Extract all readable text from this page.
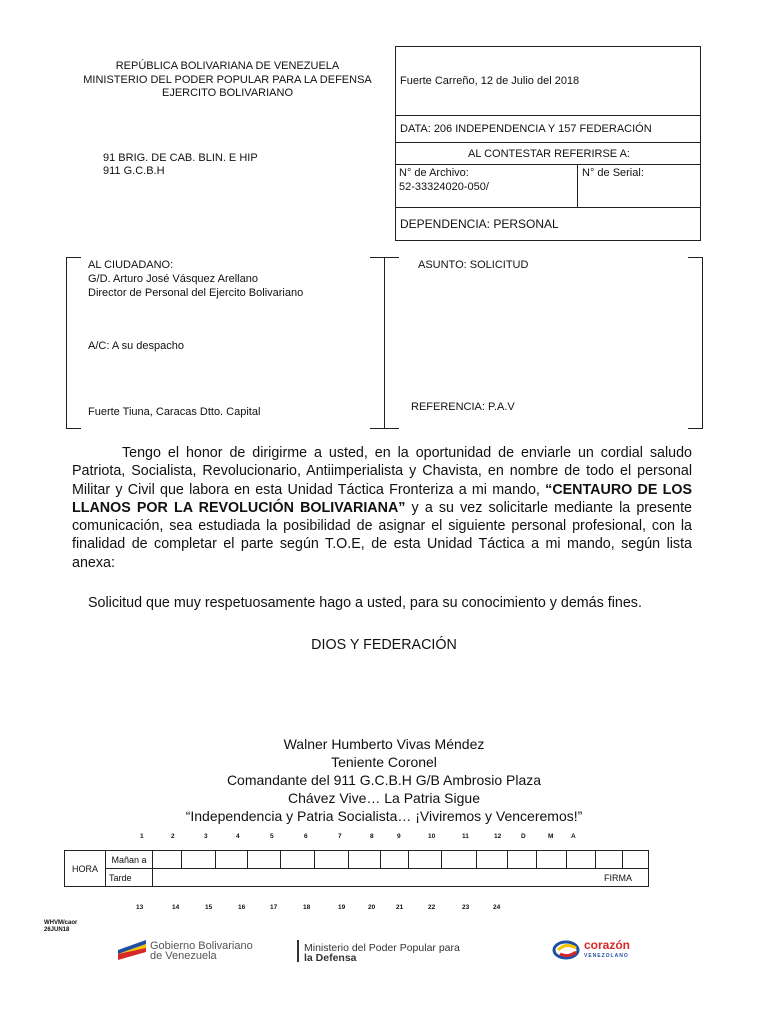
REPÚBLICA BOLIVARIANA DE VENEZUELA
MINISTERIO DEL PODER POPULAR PARA LA DEFENSA
EJERCITO BOLIVARIANO
91 BRIG. DE CAB. BLIN. E HIP
911 G.C.B.H
Fuerte Carreño, 12 de Julio del 2018
DATA: 206 INDEPENDENCIA Y 157 FEDERACIÓN
AL CONTESTAR REFERIRSE A:
N° de Archivo:
52-33324020-050/
N° de Serial:
DEPENDENCIA: PERSONAL
AL CIUDADANO:
G/D. Arturo José Vásquez Arellano
Director de Personal del Ejercito Bolivariano
A/C: A su despacho
Fuerte Tiuna, Caracas Dtto. Capital
ASUNTO: SOLICITUD
REFERENCIA: P.A.V
Tengo el honor de dirigirme a usted, en la oportunidad de enviarle un cordial saludo Patriota, Socialista, Revolucionario, Antiimperialista y Chavista, en nombre de todo el personal Militar y Civil que labora en esta Unidad Táctica Fronteriza a mi mando, “CENTAURO DE LOS LLANOS POR LA REVOLUCIÓN BOLIVARIANA” y a su vez solicitarle mediante la presente comunicación, sea estudiada la posibilidad de asignar el siguiente personal profesional, con la finalidad de completar el parte según T.O.E, de esta Unidad Táctica a mi mando, según lista anexa:
Solicitud que muy respetuosamente hago a usted, para su conocimiento y demás fines.
DIOS Y FEDERACIÓN
Walner Humberto Vivas Méndez
Teniente Coronel
Comandante del 911 G.C.B.H G/B Ambrosio Plaza
Chávez Vive… La Patria Sigue
“Independencia y Patria Socialista… ¡Viviremos y Venceremos!”
1	2	3	4	5	6	7	8	9	10	11	12	D	M	A
13	14	15	16	17	18	19	20	21	22	23	24
HORA	Mañan a																
	Tarde	FIRMA															
WHVM/caor
26JUN18
Gobierno Bolivariano
de Venezuela
Ministerio del Poder Popular para
la Defensa
corazón
VENEZOLANO
